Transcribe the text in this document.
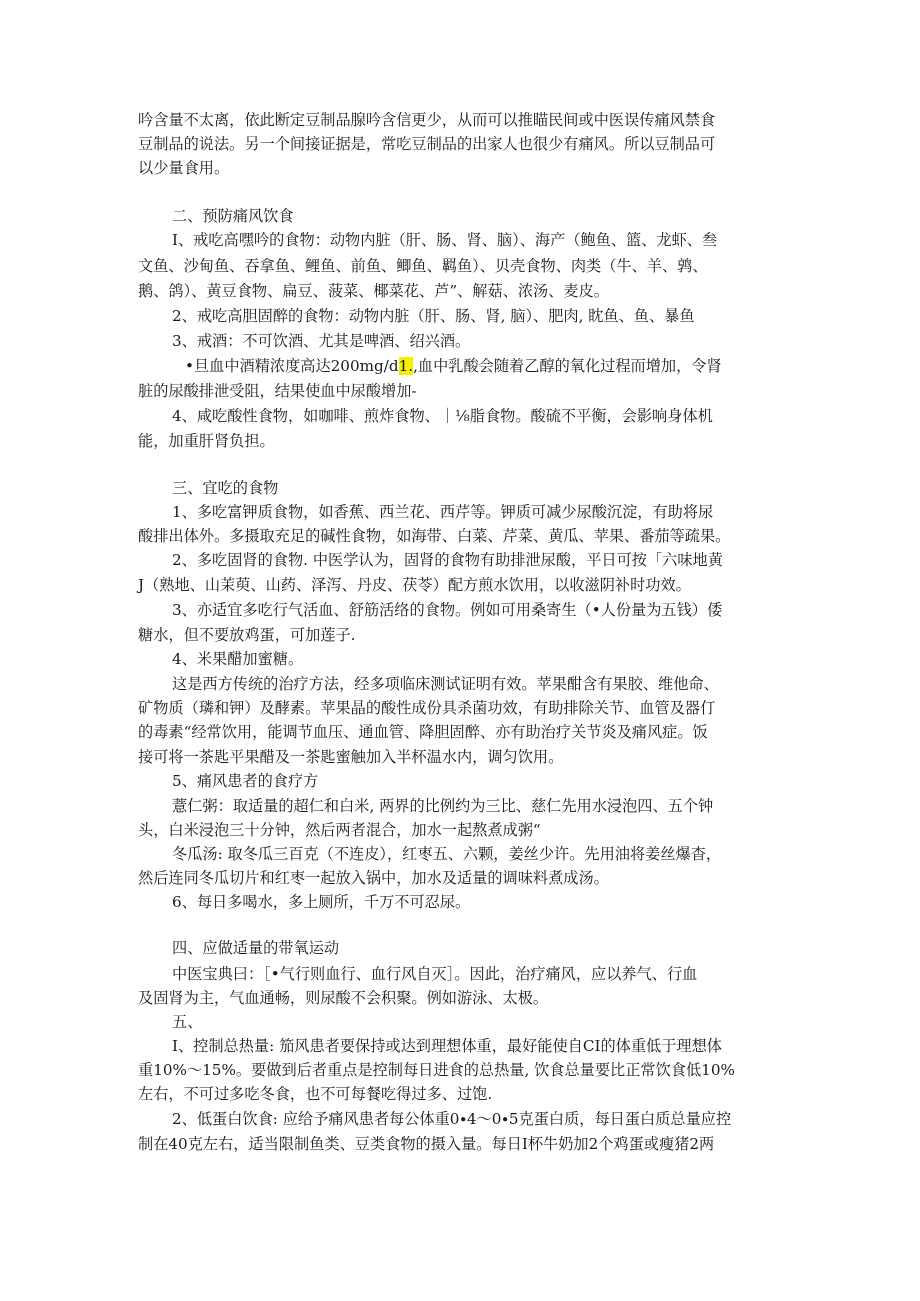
吟含量不太离，依此断定豆制品腺吟含信更少，从而可以推瞄民间或中医误传痛风禁食
豆制品的说法。另一个间接证据是，常吃豆制品的出家人也很少有痛风。所以豆制品可
以少量食用。
二、预防痛风饮食
I、戒吃高嘿吟的食物：动物内脏（肝、肠、肾、脑）、海产（鲍鱼、篮、龙虾、叁
文鱼、沙甸鱼、吞拿鱼、鲤鱼、前鱼、鲫鱼、羁鱼）、贝壳食物、肉类（牛、羊、鹑、
鹅、鸽）、黄豆食物、扁豆、菠菜、椰菜花、芦”、解菇、浓汤、麦皮。
2、戒吃高胆固醉的食物：动物内脏（肝、肠、肾, 脑）、肥肉, 眈鱼、鱼、暴鱼
3、戒酒：不可饮酒、尤其是啤酒、绍兴酒。
•旦血中酒精浓度高达200mg∕d1.,血中乳酸会随着乙醇的氧化过程而增加，令肾
脏的尿酸排泄受阻，结果使血中尿酸增加-
4、咸吃酸性食物，如咖啡、煎炸食物、｜⅛脂食物。酸硫不平衡，会影响身体机
能，加重肝肾负担。
三、宜吃的食物
1、多吃富钾质食物，如香蕉、西兰花、西芹等。钾质可减少尿酸沉淀，有助将尿
酸排出体外。多摄取充足的碱性食物，如海带、白菜、芹菜、黄瓜、苹果、番茄等疏果。
2、多吃固肾的食物. 中医学认为，固肾的食物有助排泄尿酸，平日可按「六味地黄
J（熟地、山茉萸、山药、泽泻、丹皮、茯苓）配方煎水饮用，以收滋阴补时功效。
3、亦适宜多吃行气活血、舒筋活络的食物。例如可用桑寄生（•人份量为五钱）倭
糖水，但不要放鸡蛋，可加莲子.
4、米果醋加蜜糖。
这是西方传统的治疗方法，经多项临床测试证明有效。苹果酣含有果胶、维他命、
矿物质（璘和钾）及酵素。苹果晶的酸性成份具杀菌功效，有助排除关节、血管及器仃
的毒素“经常饮用，能调节血压、通血管、降胆固醉、亦有助治疗关节炎及痛风症。饭
接可将一茶匙平果醋及一茶匙蜜触加入半杯温水内，调匀饮用。
5、痛风患者的食疗方
薏仁粥：取适量的超仁和白米, 两界的比例约为三比、慈仁先用水浸泡四、五个钟
头，白米浸泡三十分钟，然后两者混合，加水一起熬煮成粥“
冬瓜汤: 取冬瓜三百克（不连皮），红枣五、六颗，姜丝少许。先用油将姜丝爆杳，
然后连同冬瓜切片和红枣一起放入锅中，加水及适量的调味料煮成汤。
6、每日多喝水，多上厕所，千万不可忍尿。
四、应做适量的带氧运动
中医宝典曰：［•气行则血行、血行风自灭］。因此，治疗痛风，应以养气、行血
及固肾为主，气血通畅，则尿酸不会积聚。例如游泳、太极。
五、
I、控制总热量: 笳风患者要保持或达到理想体重，最好能使自CI的体重低于理想体
重10%〜15%。要做到后者重点是控制每日进食的总热量, 饮食总量要比正常饮食低10%
左右，不可过多吃冬食，也不可每餐吃得过多、过饱.
2、低蛋白饮食: 应给予痛风患者每公体重0∙4〜0∙5克蛋白质，每日蛋白质总量应控
制在40克左右，适当限制鱼类、豆类食物的摄入量。每日I杯牛奶加2个鸡蛋或瘦猪2两
